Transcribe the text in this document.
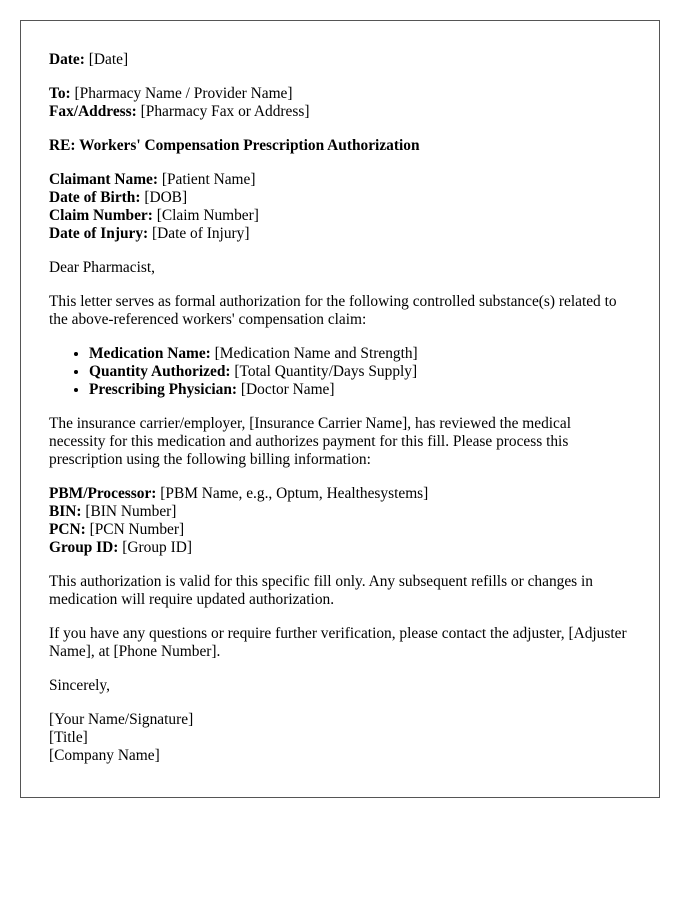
Date: [Date]

To: [Pharmacy Name / Provider Name]

Fax/Address: [Pharmacy Fax or Address]

RE: Workers' Compensation Prescription Authorization

Claimant Name: [Patient Name]

Date of Birth: [DOB]

Claim Number: [Claim Number]

Date of Injury: [Date of Injury]

Dear Pharmacist,

This letter serves as formal authorization for the following controlled substance(s) related to the above-referenced workers' compensation claim:

• Medication Name: [Medication Name and Strength]
• Quantity Authorized: [Total Quantity/Days Supply]
• Prescribing Physician: [Doctor Name]

The insurance carrier/employer, [Insurance Carrier Name], has reviewed the medical necessity for this medication and authorizes payment for this fill. Please process this prescription using the following billing information:

PBM/Processor: [PBM Name, e.g., Optum, Healthesystems]

BIN: [BIN Number]

PCN: [PCN Number]

Group ID: [Group ID]

This authorization is valid for this specific fill only. Any subsequent refills or changes in medication will require updated authorization.

If you have any questions or require further verification, please contact the adjuster, [Adjuster Name], at [Phone Number].

Sincerely,

[Your Name/Signature]

[Title]

[Company Name]
